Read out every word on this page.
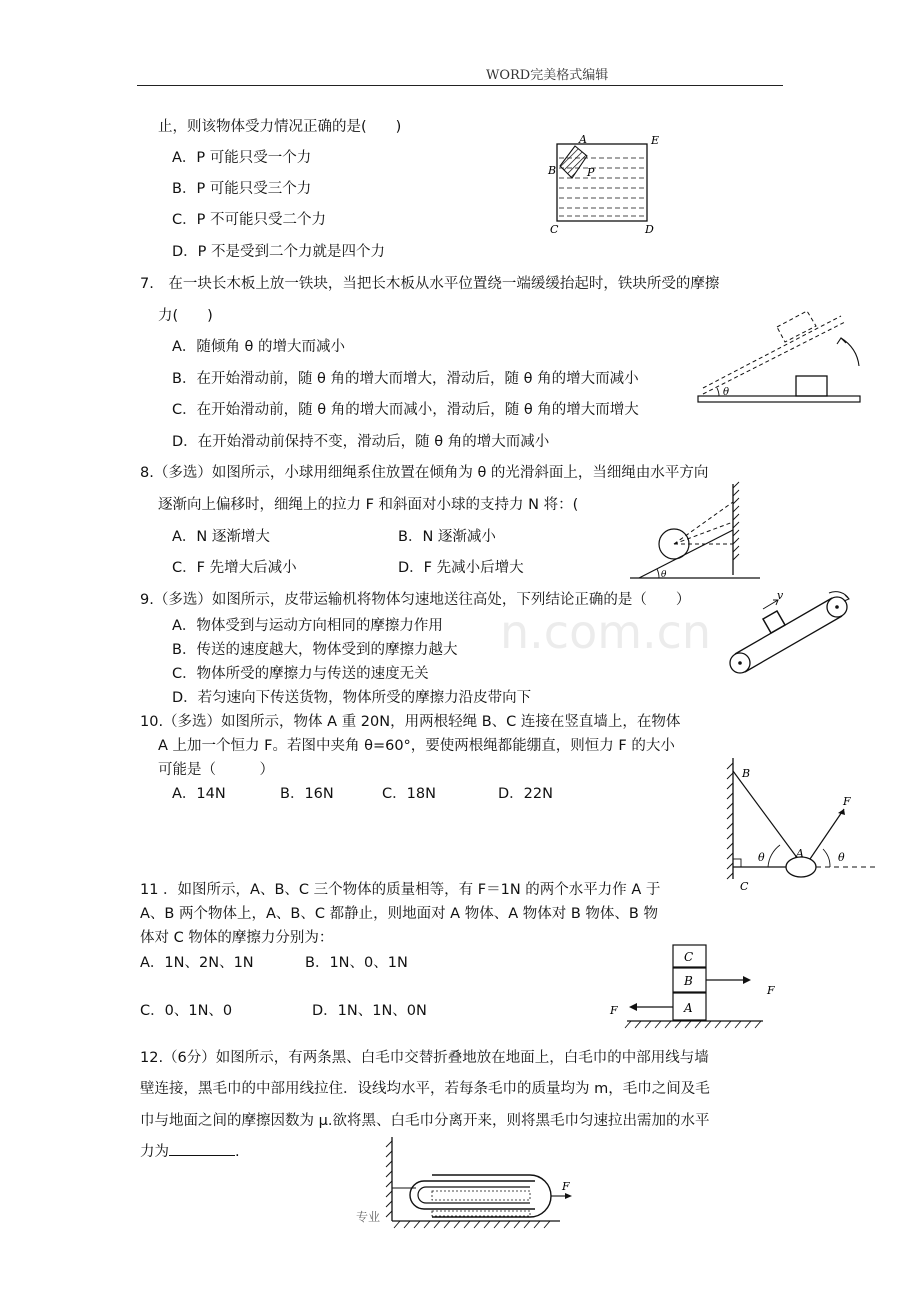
WORD完美格式编辑
n.com.cn
止，则该物体受力情况正确的是(　　)
A．P 可能只受一个力
B．P 可能只受三个力
C．P 不可能只受二个力
D．P 不是受到二个力就是四个力
A	E
B	P
C	D
7.　在一块长木板上放一铁块，当把长木板从水平位置绕一端缓缓抬起时，铁块所受的摩擦
力(　　)
A．随倾角 θ 的增大而减小
B．在开始滑动前，随 θ 角的增大而增大，滑动后，随 θ 角的增大而减小
C．在开始滑动前，随 θ 角的增大而减小，滑动后，随 θ 角的增大而增大
D．在开始滑动前保持不变，滑动后，随 θ 角的增大而减小
θ
8.（多选）如图所示，小球用细绳系住放置在倾角为 θ 的光滑斜面上，当细绳由水平方向
逐渐向上偏移时，细绳上的拉力 F 和斜面对小球的支持力 N 将：(
A．N 逐渐增大	B．N 逐渐减小
C．F 先增大后减小	D．F 先减小后增大	θ
9.（多选）如图所示，皮带运输机将物体匀速地送往高处，下列结论正确的是（　　）
A．物体受到与运动方向相同的摩擦力作用
B．传送的速度越大，物体受到的摩擦力越大
C．物体所受的摩擦力与传送的速度无关
D．若匀速向下传送货物，物体所受的摩擦力沿皮带向下
v
10.（多选）如图所示，物体 A 重 20N，用两根轻绳 B、C 连接在竖直墙上，在物体
A 上加一个恒力 F。若图中夹角 θ=60°，要使两根绳都能绷直，则恒力 F 的大小
可能是（　　　）
A．14N	B．16N	C．18N	D．22N
B
F
θ	A	θ
C
11 ．如图所示，A、B、C 三个物体的质量相等，有 F＝1N 的两个水平力作 A 于
A、B 两个物体上，A、B、C 都静止，则地面对 A 物体、A 物体对 B 物体、B 物
体对 C 物体的摩擦力分别为：
A．1N、2N、1N	B．1N、0、1N
C．0、1N、0	D．1N、1N、0N
C
B
A
F
F
12.（6分）如图所示，有两条黑、白毛巾交替折叠地放在地面上，白毛巾的中部用线与墙
壁连接，黑毛巾的中部用线拉住．设线均水平，若每条毛巾的质量均为 m，毛巾之间及毛
巾与地面之间的摩擦因数为 μ.欲将黑、白毛巾分离开来，则将黑毛巾匀速拉出需加的水平
力为	.
F
专业
